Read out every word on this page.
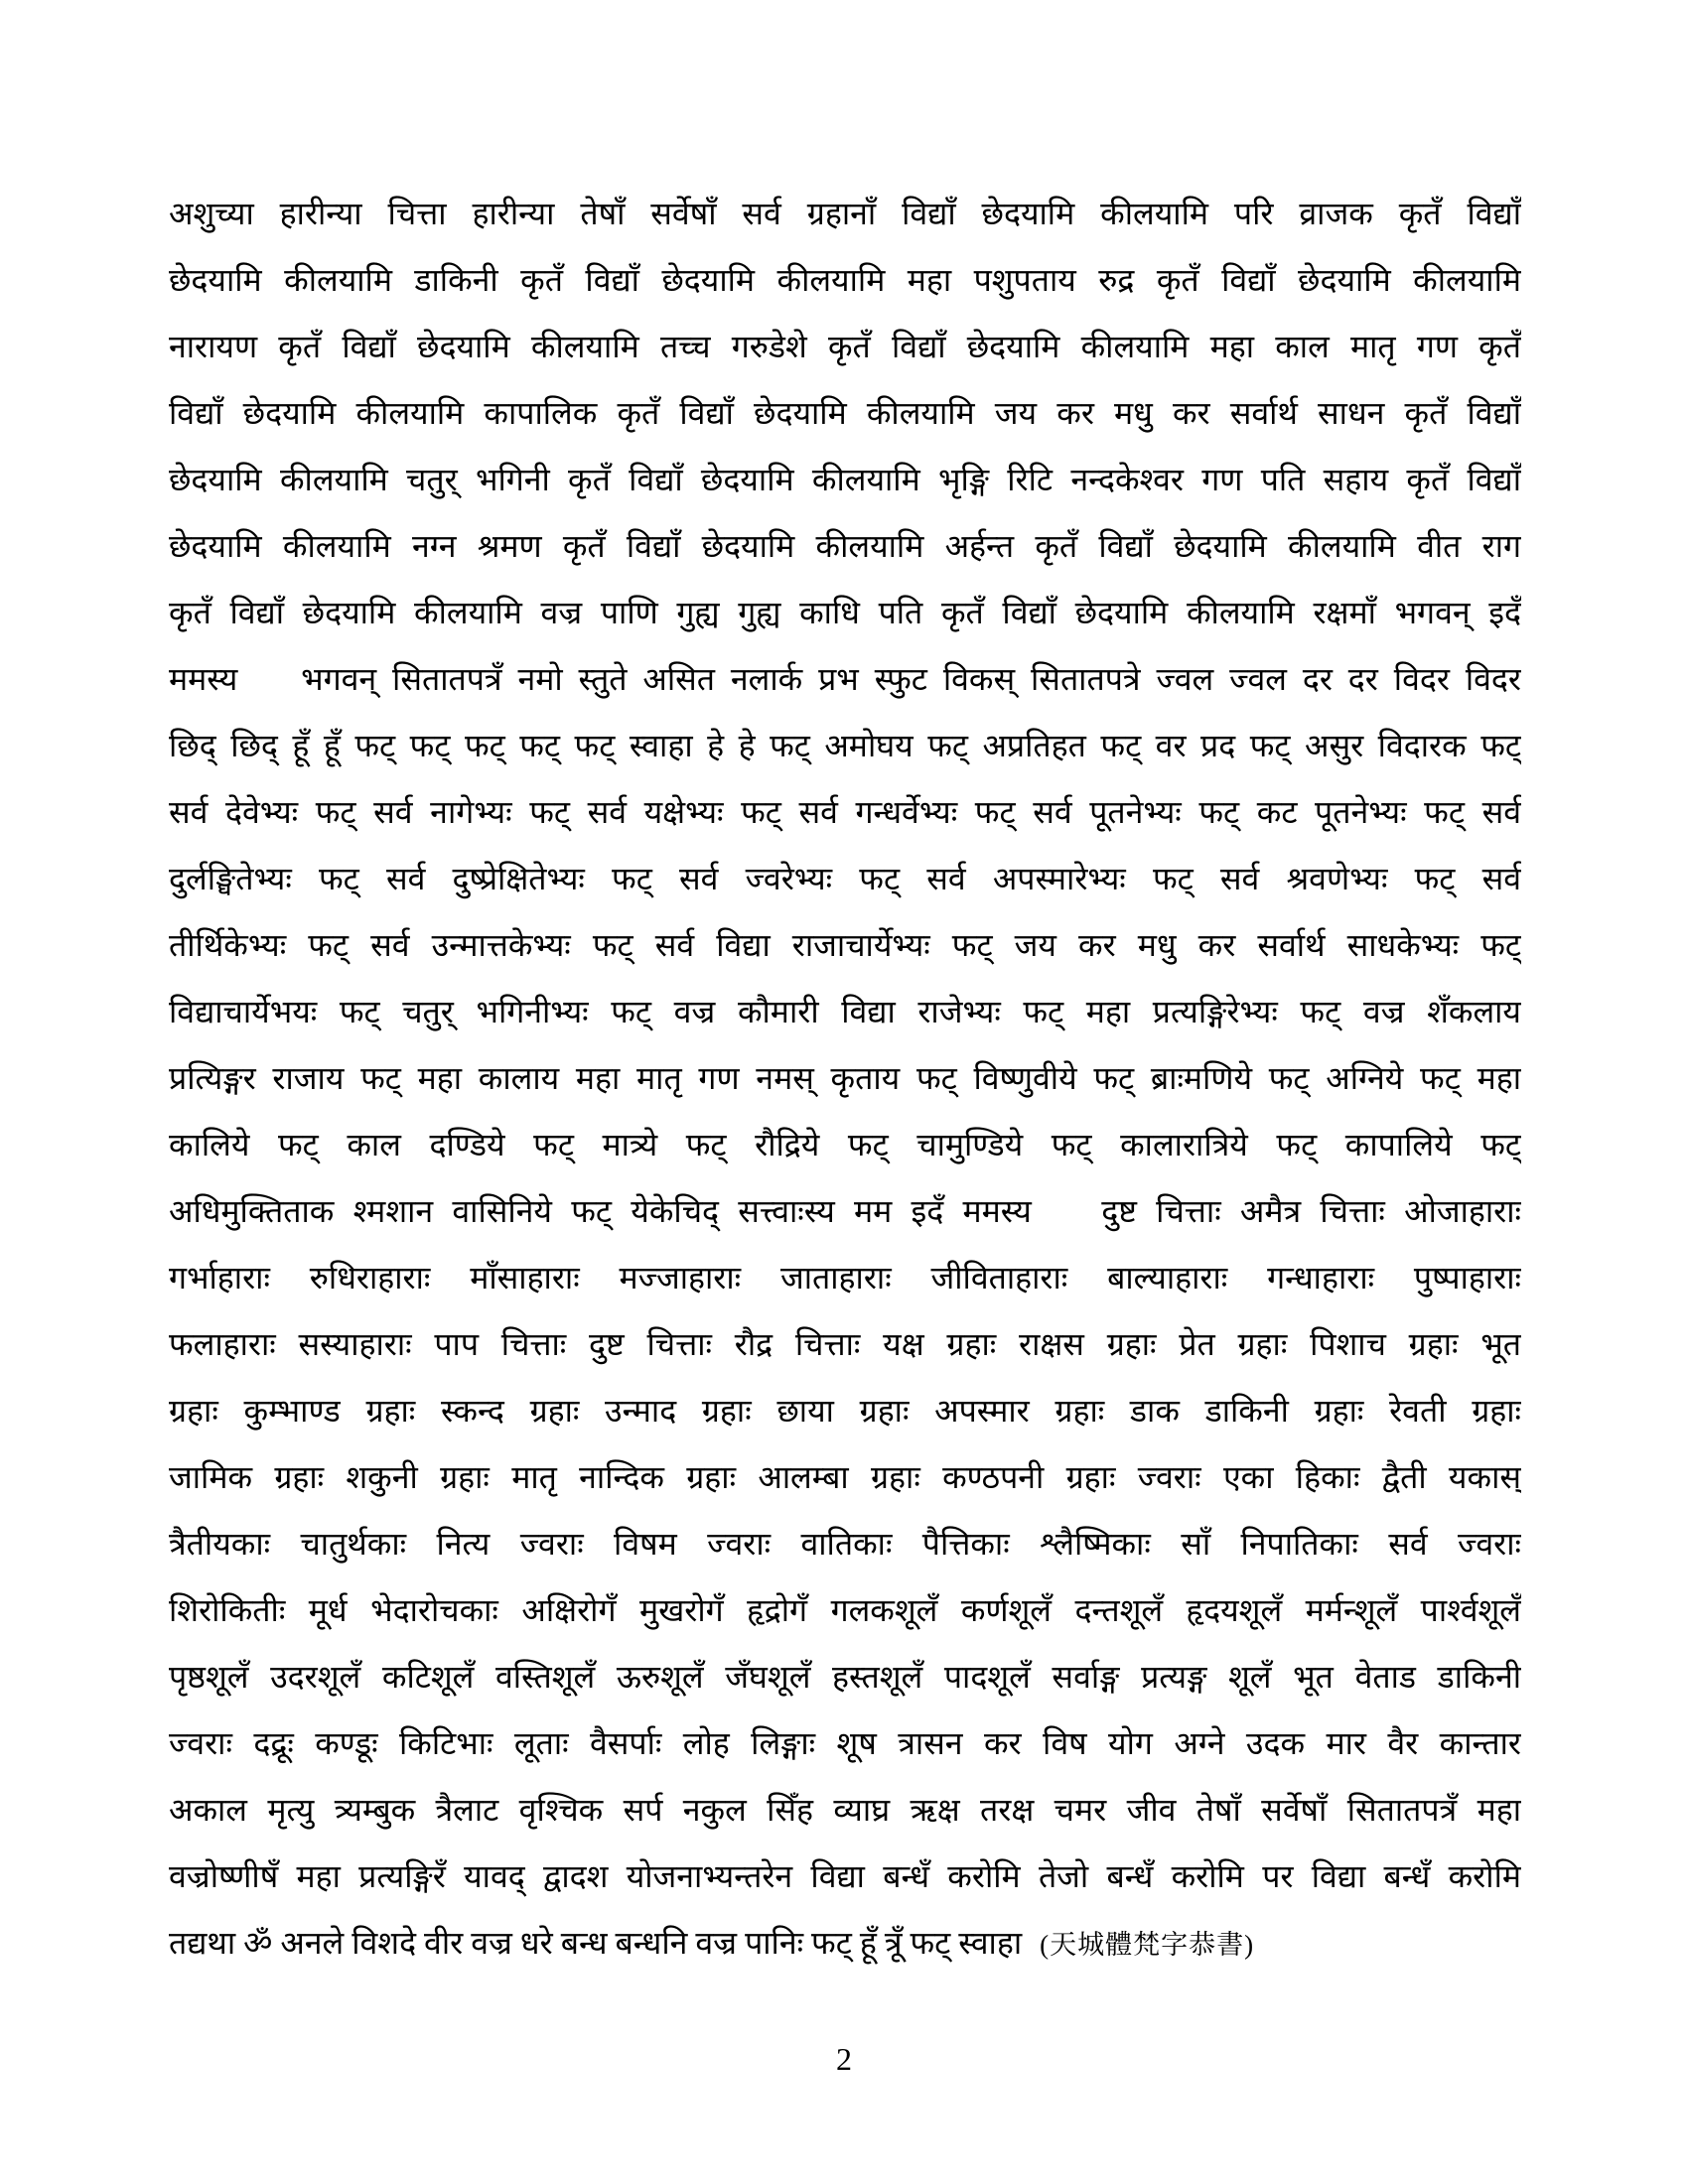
अशुच्या हारीन्या चित्ता हारीन्या तेषाँ सर्वेषाँ सर्व ग्रहानाँ विद्याँ छेदयामि कीलयामि परि व्राजक कृतँ विद्याँ
छेदयामि कीलयामि डाकिनी कृतँ विद्याँ छेदयामि कीलयामि महा पशुपताय रुद्र कृतँ विद्याँ छेदयामि कीलयामि
नारायण कृतँ विद्याँ छेदयामि कीलयामि तच्च गरुडेशे कृतँ विद्याँ छेदयामि कीलयामि महा काल मातृ गण कृतँ
विद्याँ छेदयामि कीलयामि कापालिक कृतँ विद्याँ छेदयामि कीलयामि जय कर मधु कर सर्वार्थ साधन कृतँ विद्याँ
छेदयामि कीलयामि चतुर् भगिनी कृतँ विद्याँ छेदयामि कीलयामि भृङ्गि रिटि नन्दकेश्वर गण पति सहाय कृतँ विद्याँ
छेदयामि कीलयामि नग्न श्रमण कृतँ विद्याँ छेदयामि कीलयामि अर्हन्त कृतँ विद्याँ छेदयामि कीलयामि वीत राग
कृतँ विद्याँ छेदयामि कीलयामि वज्र पाणि गुह्य गुह्य काधि पति कृतँ विद्याँ छेदयामि कीलयामि रक्षमाँ भगवन् इदँ
ममस्य   भगवन् सितातपत्रँ नमो स्तुते असित नलार्क प्रभ स्फुट विकस् सितातपत्रे ज्वल ज्वल दर दर विदर विदर
छिद् छिद् हूँ हूँ फट् फट् फट् फट् फट् स्वाहा हे हे फट् अमोघय फट् अप्रतिहत फट् वर प्रद फट् असुर विदारक फट्
सर्व देवेभ्यः फट् सर्व नागेभ्यः फट् सर्व यक्षेभ्यः फट् सर्व गन्धर्वेभ्यः फट् सर्व पूतनेभ्यः फट् कट पूतनेभ्यः फट् सर्व
दुर्लङ्घितेभ्यः फट् सर्व दुष्प्रेक्षितेभ्यः फट् सर्व ज्वरेभ्यः फट् सर्व अपस्मारेभ्यः फट् सर्व श्रवणेभ्यः फट् सर्व
तीर्थिकेभ्यः फट् सर्व उन्मात्तकेभ्यः फट् सर्व विद्या राजाचार्येभ्यः फट् जय कर मधु कर सर्वार्थ साधकेभ्यः फट्
विद्याचार्येभयः फट् चतुर् भगिनीभ्यः फट् वज्र कौमारी विद्या राजेभ्यः फट् महा प्रत्यङ्गिरेभ्यः फट् वज्र शँकलाय
प्रत्यिङ्गर राजाय फट् महा कालाय महा मातृ गण नमस् कृताय फट् विष्णुवीये फट् ब्राःमणिये फट् अग्निये फट् महा
कालिये फट् काल दण्डिये फट् मात्र्ये फट् रौद्रिये फट् चामुण्डिये फट् कालारात्रिये फट् कापालिये फट्
अधिमुक्तिताक श्मशान वासिनिये फट् येकेचिद् सत्त्वाःस्य मम इदँ ममस्य   दुष्ट चित्ताः अमैत्र चित्ताः ओजाहाराः
गर्भाहाराः रुधिराहाराः माँसाहाराः मज्जाहाराः जाताहाराः जीविताहाराः बाल्याहाराः गन्धाहाराः पुष्पाहाराः
फलाहाराः सस्याहाराः पाप चित्ताः दुष्ट चित्ताः रौद्र चित्ताः यक्ष ग्रहाः राक्षस ग्रहाः प्रेत ग्रहाः पिशाच ग्रहाः भूत
ग्रहाः कुम्भाण्ड ग्रहाः स्कन्द ग्रहाः उन्माद ग्रहाः छाया ग्रहाः अपस्मार ग्रहाः डाक डाकिनी ग्रहाः रेवती ग्रहाः
जामिक ग्रहाः शकुनी ग्रहाः मातृ नान्दिक ग्रहाः आलम्बा ग्रहाः कण्ठपनी ग्रहाः ज्वराः एका हिकाः द्वैती यकास्
त्रैतीयकाः चातुर्थकाः नित्य ज्वराः विषम ज्वराः वातिकाः पैत्तिकाः श्लैष्मिकाः साँ निपातिकाः सर्व ज्वराः
शिरोकितीः मूर्ध भेदारोचकाः अक्षिरोगँ मुखरोगँ हृद्रोगँ गलकशूलँ कर्णशूलँ दन्तशूलँ हृदयशूलँ मर्मन्शूलँ पार्श्वशूलँ
पृष्ठशूलँ उदरशूलँ कटिशूलँ वस्तिशूलँ ऊरुशूलँ जँघशूलँ हस्तशूलँ पादशूलँ सर्वाङ्ग प्रत्यङ्ग शूलँ भूत वेताड डाकिनी
ज्वराः दद्रूः कण्डूः किटिभाः लूताः वैसर्पाः लोह लिङ्गाः शूष त्रासन कर विष योग अग्ने उदक मार वैर कान्तार
अकाल मृत्यु त्र्यम्बुक त्रैलाट वृश्चिक सर्प नकुल सिँह व्याघ्र ऋक्ष तरक्ष चमर जीव तेषाँ सर्वेषाँ सितातपत्रँ महा
वज्रोष्णीषँ महा प्रत्यङ्गिरँ यावद् द्वादश योजनाभ्यन्तरेन विद्या बन्धँ करोमि तेजो बन्धँ करोमि पर विद्या बन्धँ करोमि
तद्यथा ॐ अनले विशदे वीर वज्र धरे बन्ध बन्धनि वज्र पानिः फट् हूँ त्रूँ फट् स्वाहा (天城體梵字恭書)
2
